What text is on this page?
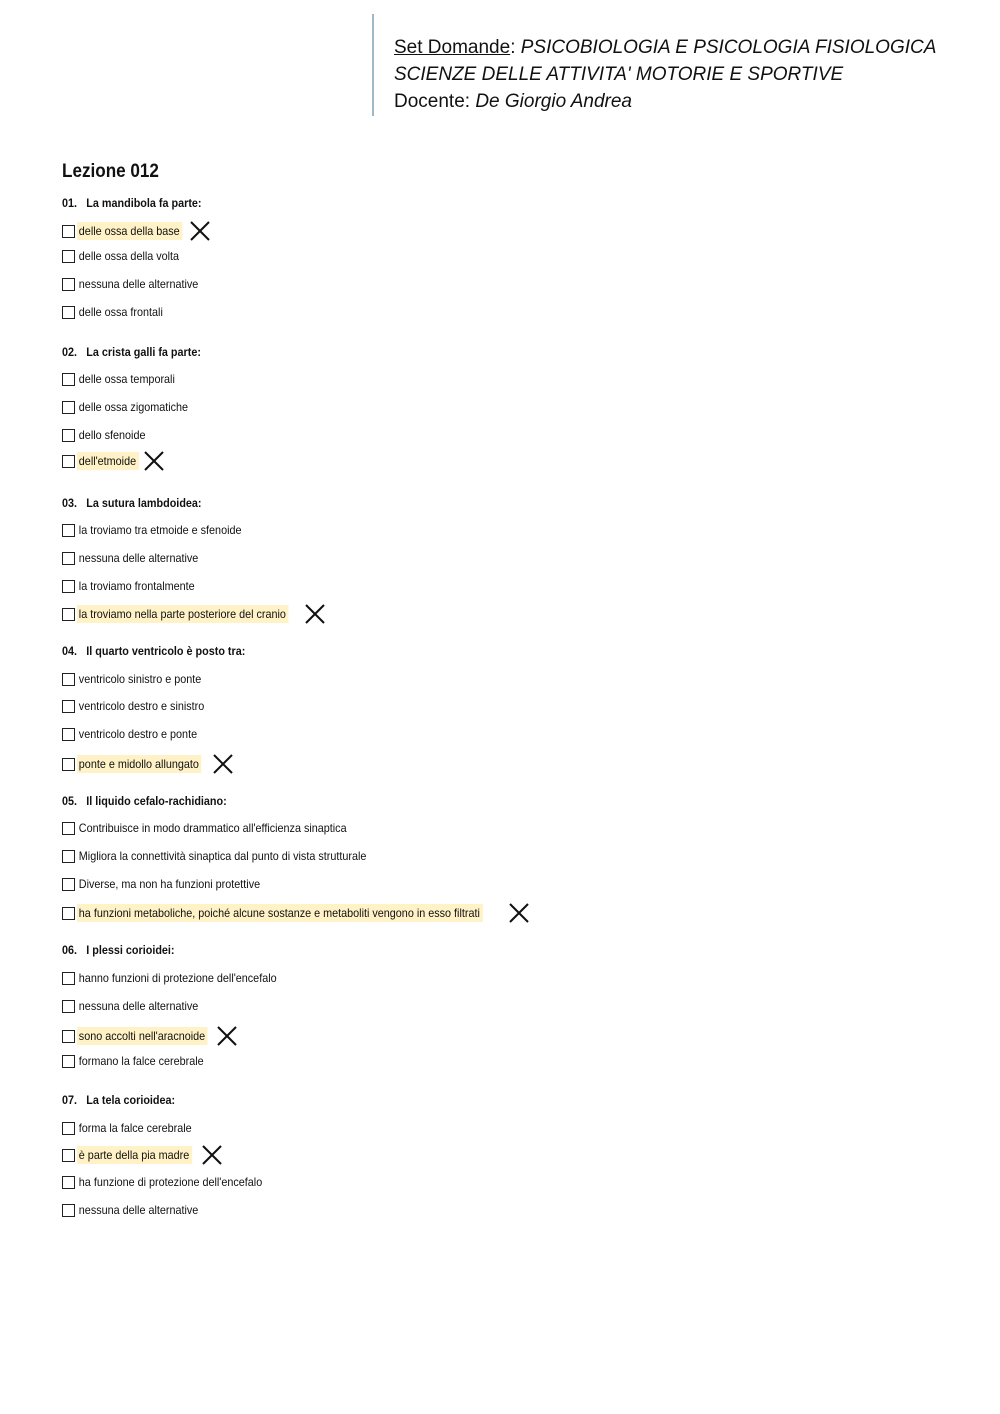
Set Domande: PSICOBIOLOGIA E PSICOLOGIA FISIOLOGICA
SCIENZE DELLE ATTIVITA' MOTORIE E SPORTIVE
Docente: De Giorgio Andrea
Lezione 012
01. La mandibola fa parte:
delle ossa della base
delle ossa della volta
nessuna delle alternative
delle ossa frontali
02. La crista galli fa parte:
delle ossa temporali
delle ossa zigomatiche
dello sfenoide
dell'etmoide
03. La sutura lambdoidea:
la troviamo tra etmoide e sfenoide
nessuna delle alternative
la troviamo frontalmente
la troviamo nella parte posteriore del cranio
04. Il quarto ventricolo è posto tra:
ventricolo sinistro e ponte
ventricolo destro e sinistro
ventricolo destro e ponte
ponte e midollo allungato
05. Il liquido cefalo-rachidiano:
Contribuisce in modo drammatico all'efficienza sinaptica
Migliora la connettività sinaptica dal punto di vista strutturale
Diverse, ma non ha funzioni protettive
ha funzioni metaboliche, poiché alcune sostanze e metaboliti vengono in esso filtrati
06. I plessi corioidei:
hanno funzioni di protezione dell'encefalo
nessuna delle alternative
sono accolti nell'aracnoide
formano la falce cerebrale
07. La tela corioidea:
forma la falce cerebrale
è parte della pia madre
ha funzione di protezione dell'encefalo
nessuna delle alternative
